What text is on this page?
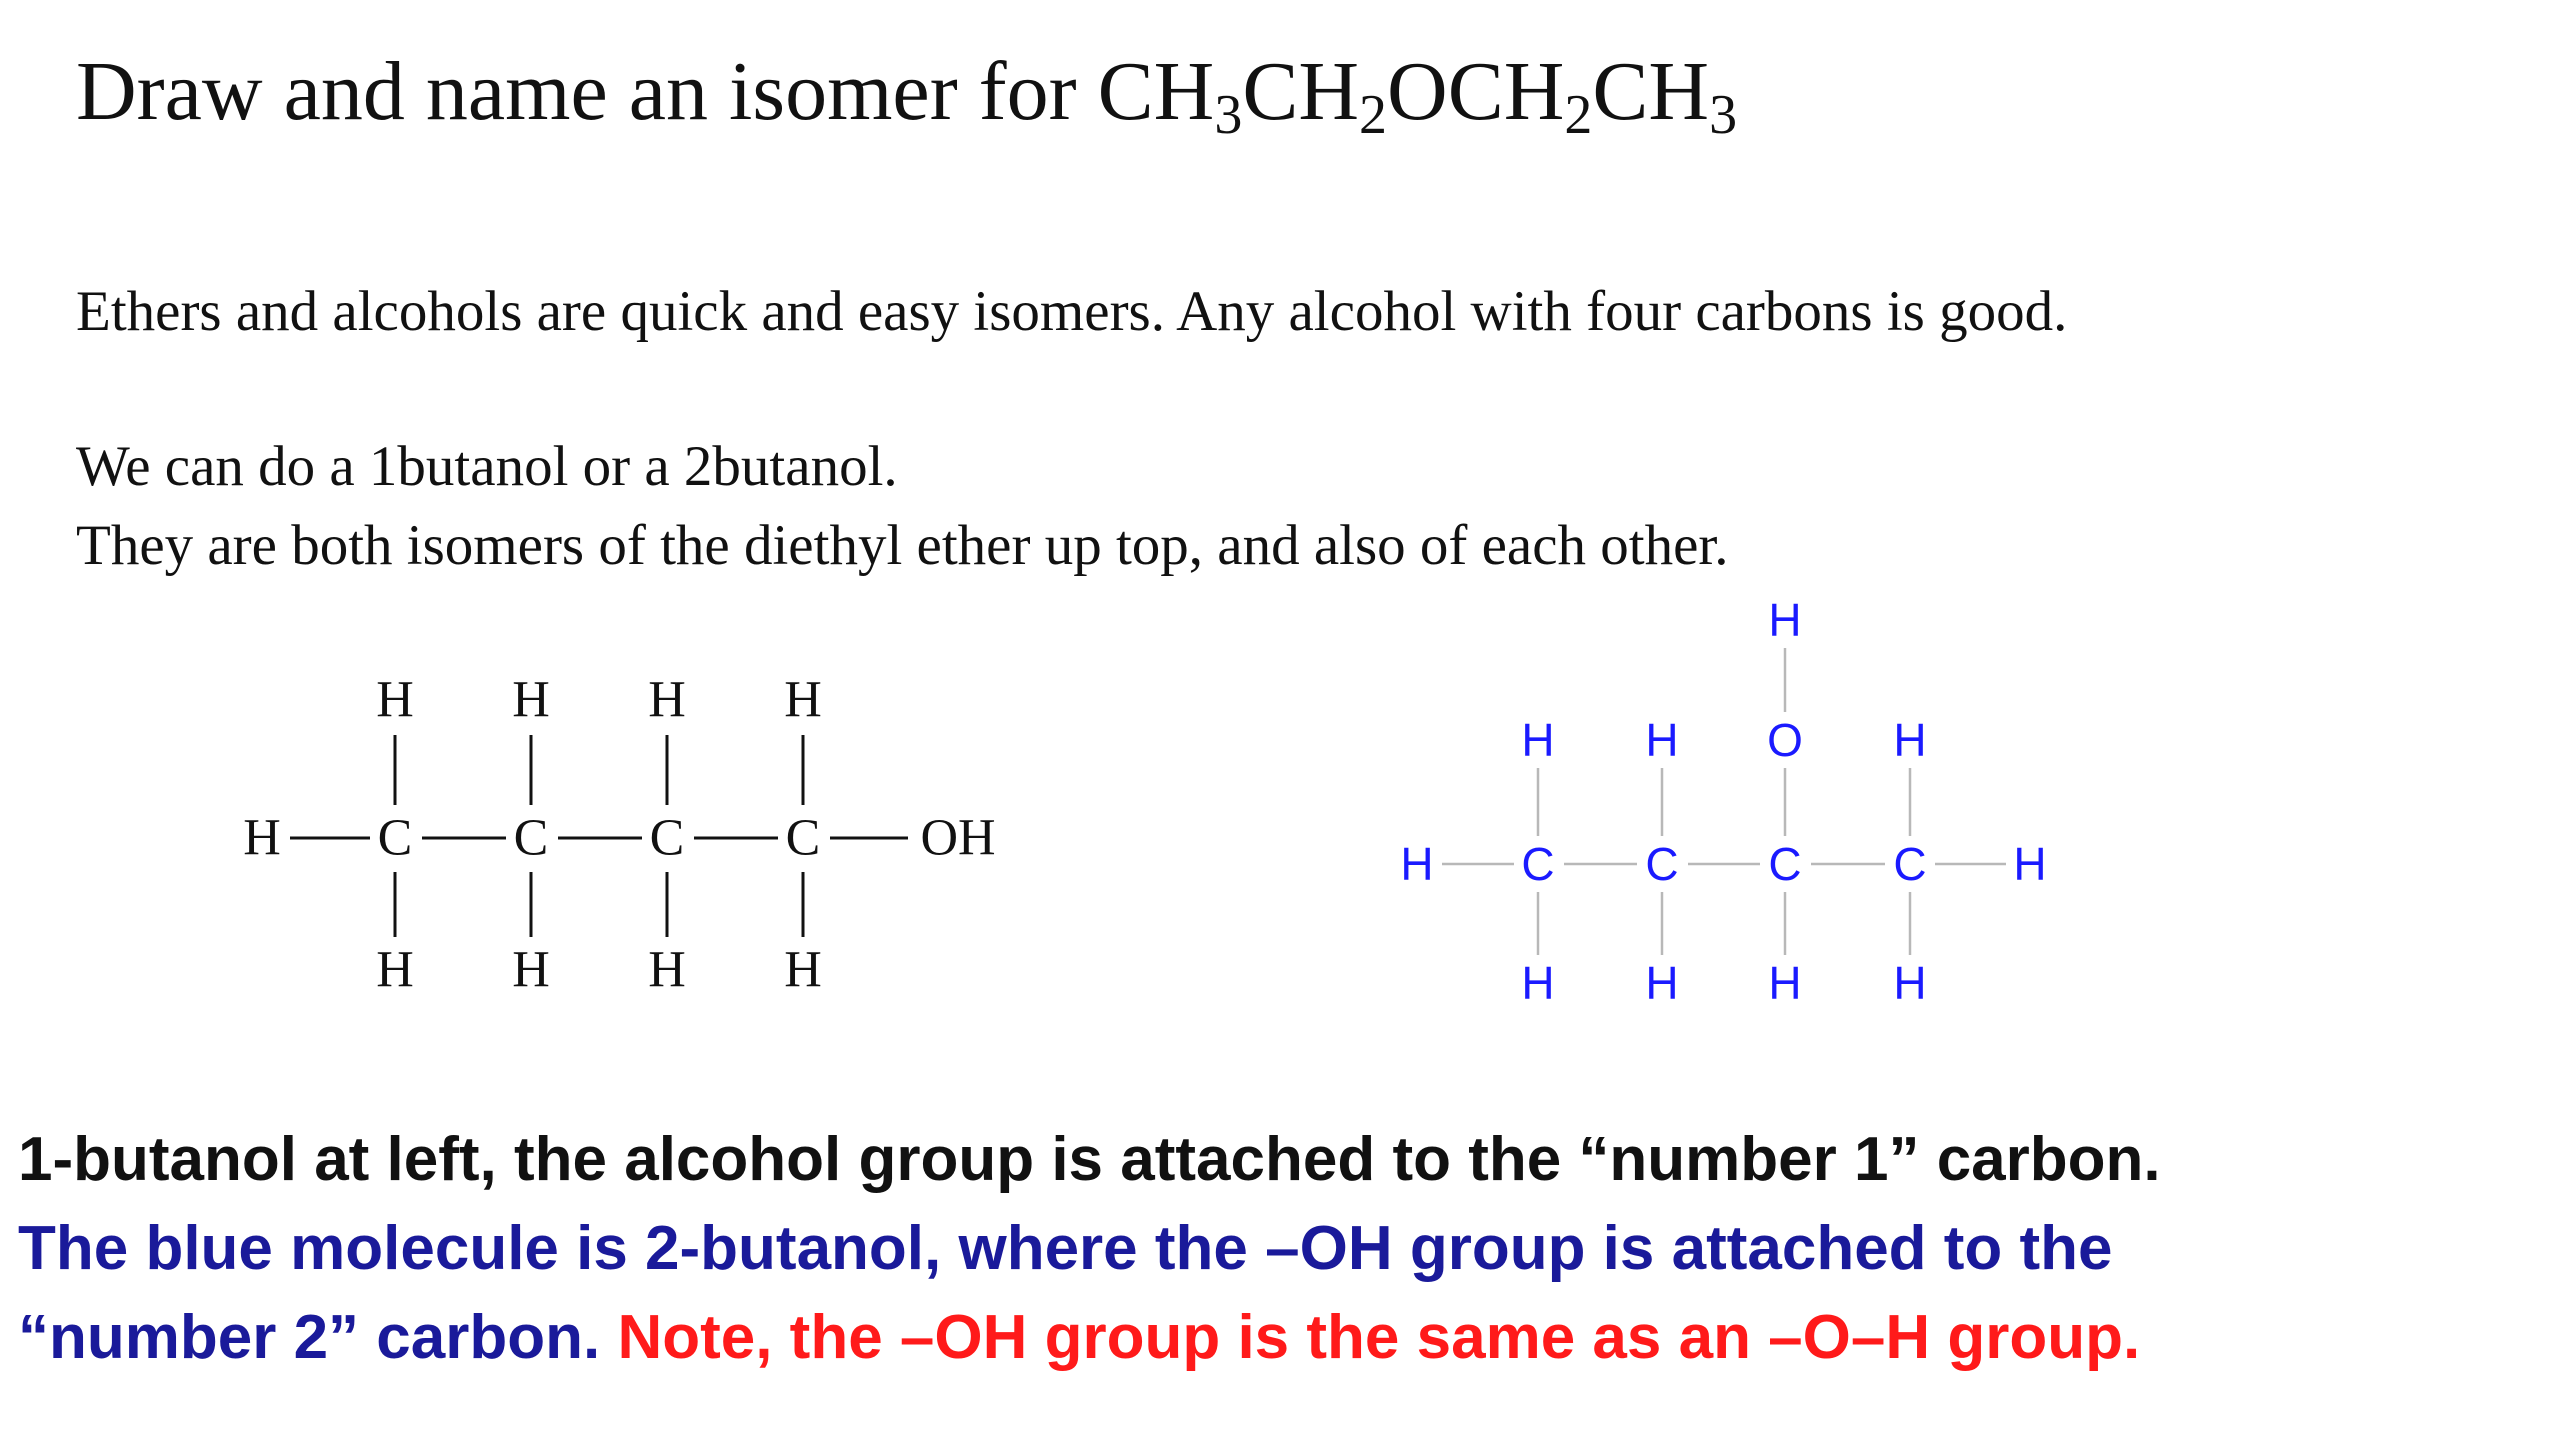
Draw and name an isomer for $CH_3CH_2OCH_2CH_3$
Ethers and alcohols are quick and easy isomers. Any alcohol with four carbons is good.
We can do a 1butanol or a 2butanol.
They are both isomers of the diethyl ether up top, and also of each other.
H H H H
H C C C C OH
H H H H
H
H H O H
H C C C C H
H H H H
1-butanol at left, the alcohol group is attached to the “number 1” carbon.
The blue molecule is 2-butanol, where the –OH group is attached to the
“number 2” carbon. Note, the –OH group is the same as an –O–H group.
